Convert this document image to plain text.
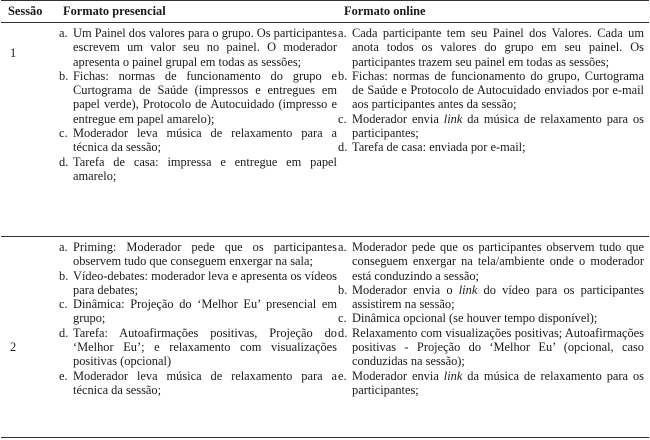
Sessão Formato presencial	Formato online
1

a. Um Painel dos valores para o grupo. Os participantes escrevem um valor seu no painel. O moderador apresenta o painel grupal em todas as sessões;

b. Fichas: normas de funcionamento do grupo e Curtograma de Saúde (impressos e entregues em papel verde), Protocolo de Autocuidado (impresso e entregue em papel amarelo);

c. Moderador leva música de relaxamento para a técnica da sessão;

d. Tarefa de casa: impressa e entregue em papel amarelo;

a. Cada participante tem seu Painel dos Valores. Cada um anota todos os valores do grupo em seu painel. Os participantes trazem seu painel em todas as sessões;

b. Fichas: normas de funcionamento do grupo, Curtograma de Saúde e Protocolo de Autocuidado enviados por e-mail aos participantes antes da sessão;

c. Moderador envia link da música de relaxamento para os participantes;

d. Tarefa de casa: enviada por e-mail;

2

a. Priming: Moderador pede que os participantes observem tudo que conseguem enxergar na sala;

b. Vídeo-debates: moderador leva e apresenta os vídeos para debates;

c. Dinâmica: Projeção do ‘Melhor Eu’ presencial em grupo;

d. Tarefa: Autoafirmações positivas, Projeção do ‘Melhor Eu’; e relaxamento com visualizações positivas (opcional)

e. Moderador leva música de relaxamento para a técnica da sessão;

a. Moderador pede que os participantes observem tudo que conseguem enxergar na tela/ambiente onde o moderador está conduzindo a sessão;

b. Moderador envia o link do vídeo para os participantes assistirem na sessão;

c. Dinâmica opcional (se houver tempo disponível);

d. Relaxamento com visualizações positivas; Autoafirmações positivas - Projeção do ‘Melhor Eu’ (opcional, caso conduzidas na sessão);

e. Moderador envia link da música de relaxamento para os participantes;
